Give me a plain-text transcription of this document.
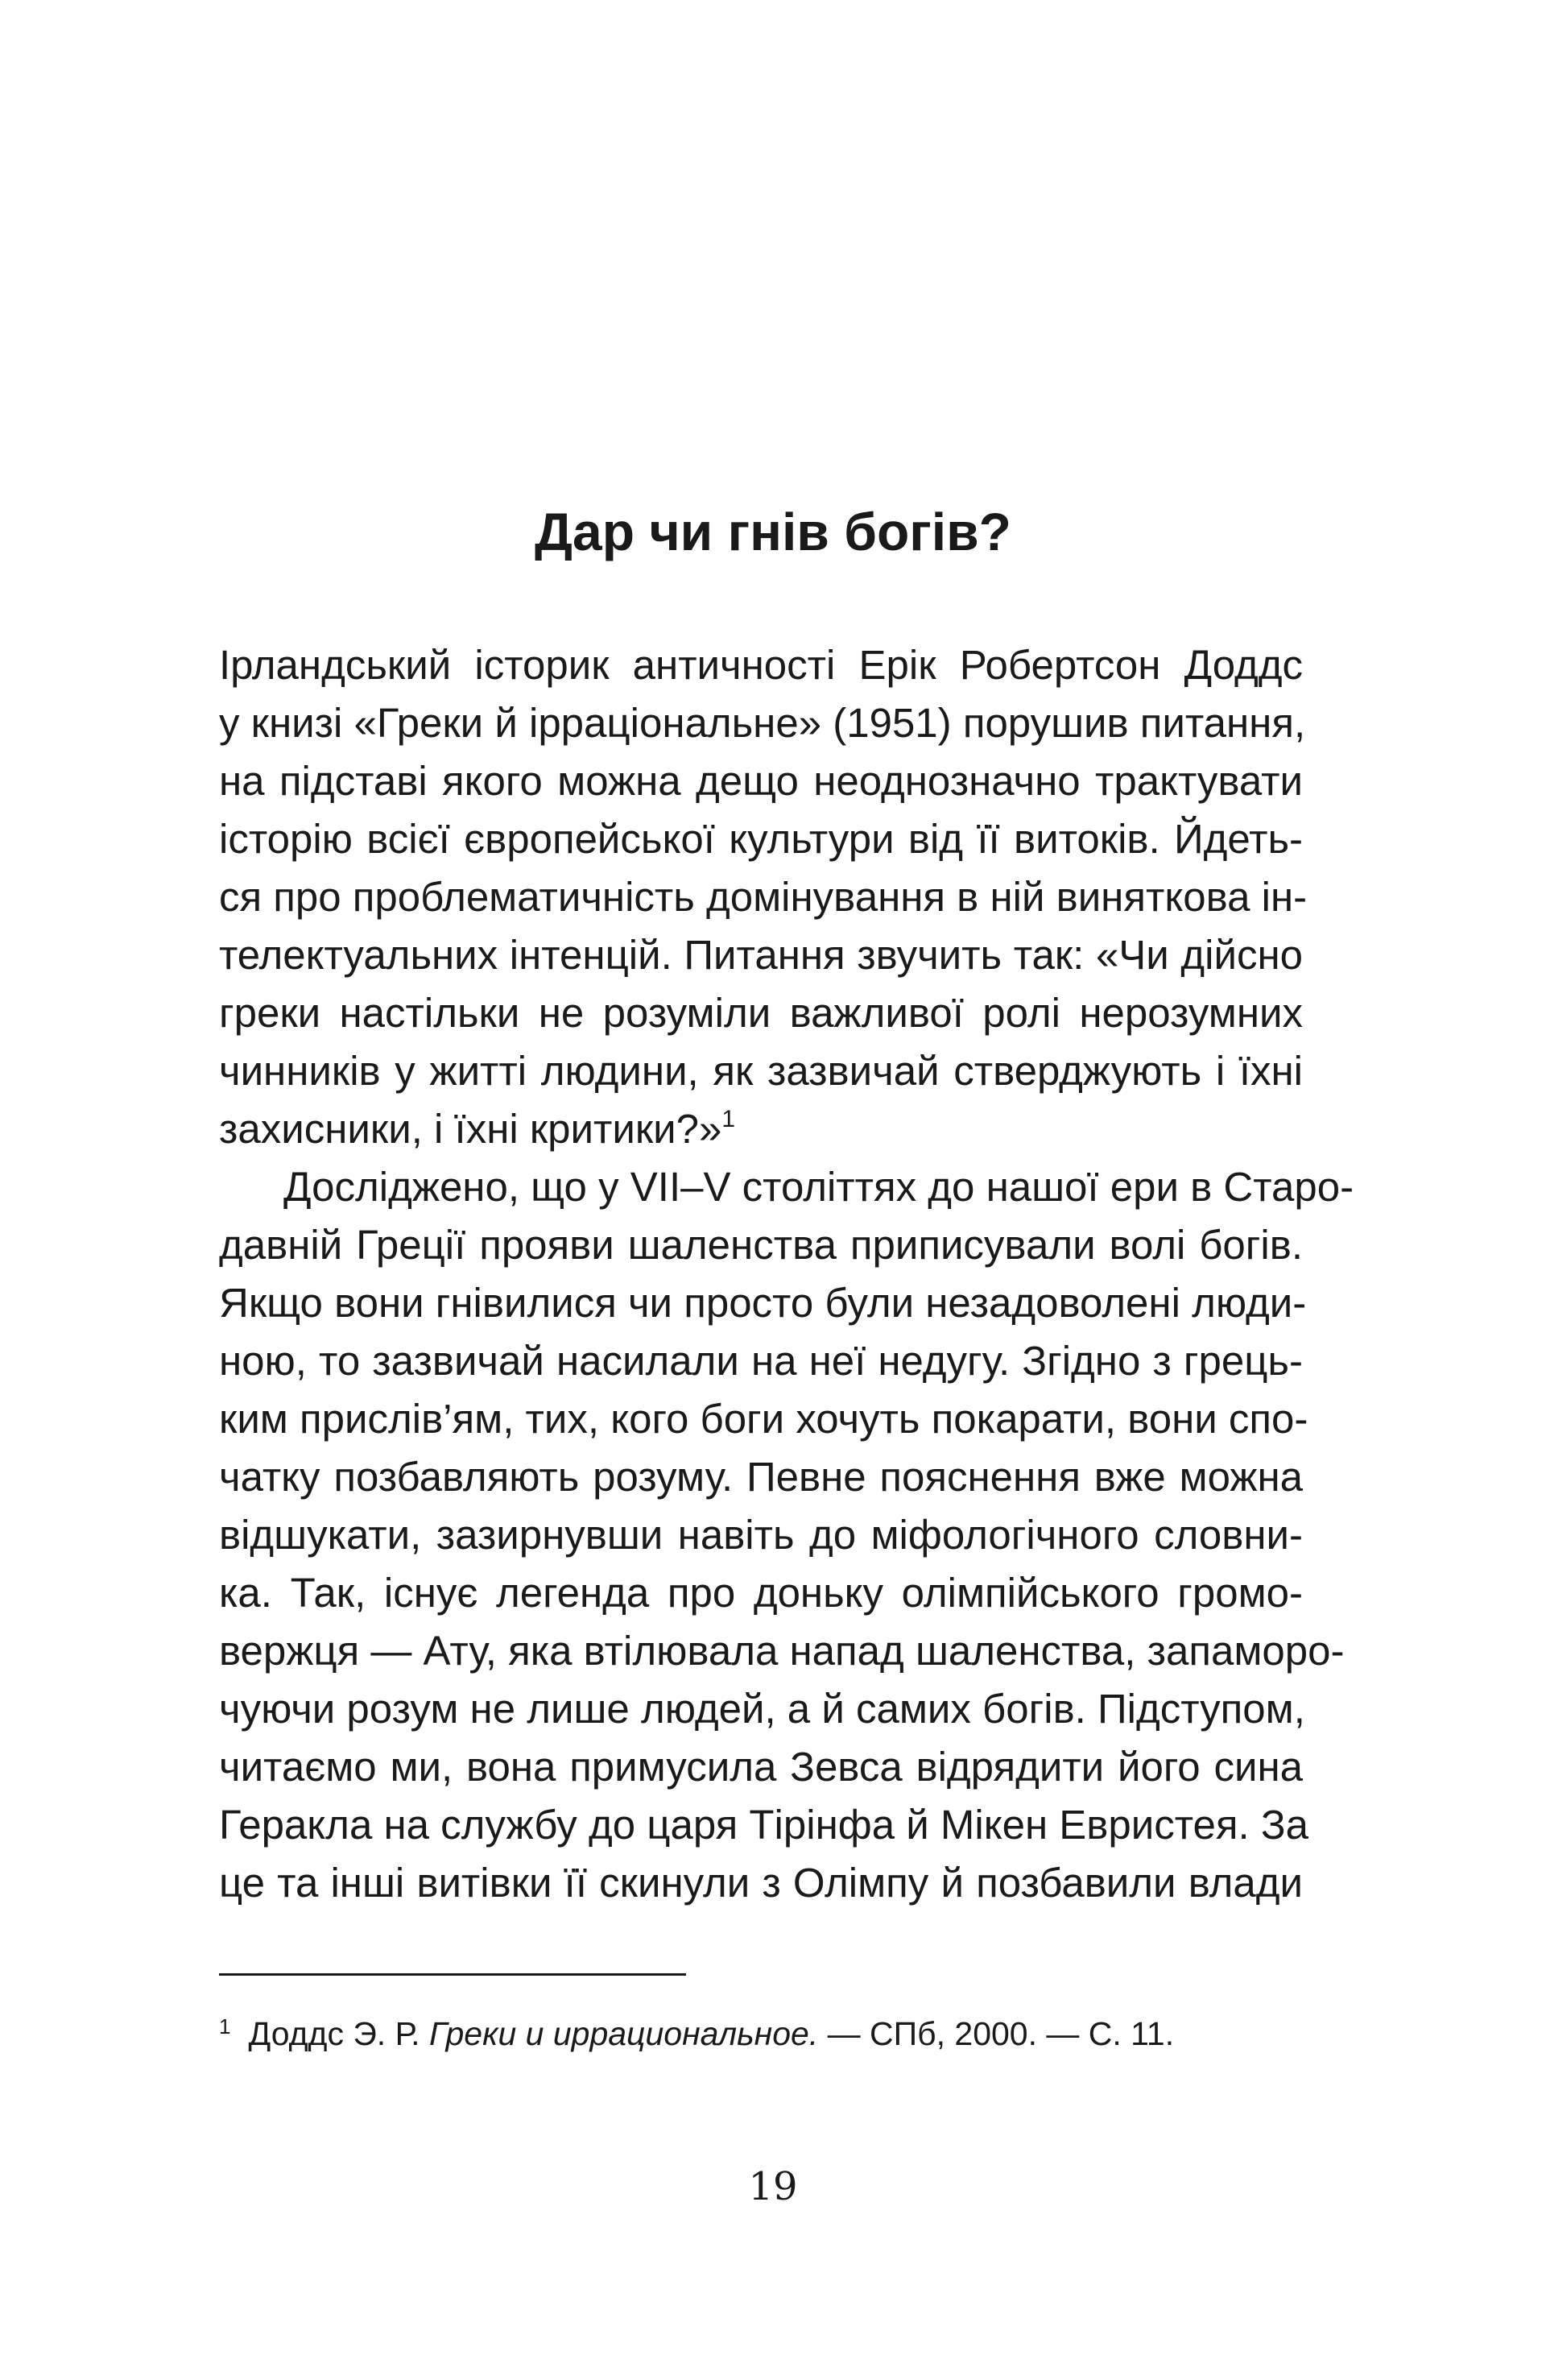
Дар чи гнів богів?
Ірландський історик античності Ерік Робертсон Доддс
у книзі «Греки й ірраціональне» (1951) порушив питання,
на підставі якого можна дещо неоднозначно трактувати
історію всієї європейської культури від її витоків. Йдеть-
ся про проблематичність домінування в ній виняткова ін-
телектуальних інтенцій. Питання звучить так: «Чи дійсно
греки настільки не розуміли важливої ролі нерозумних
чинників у житті людини, як зазвичай стверджують і їхні
захисники, і їхні критики?»$^1$
Досліджено, що у VII–V століттях до нашої ери в Старо-
давній Греції прояви шаленства приписували волі богів.
Якщо вони гнівилися чи просто були незадоволені люди-
ною, то зазвичай насилали на неї недугу. Згідно з грець-
ким прислів’ям, тих, кого боги хочуть покарати, вони спо-
чатку позбавляють розуму. Певне пояснення вже можна
відшукати, зазирнувши навіть до міфологічного словни-
ка. Так, існує легенда про доньку олімпійського громо-
вержця — Ату, яка втілювала напад шаленства, запаморо-
чуючи розум не лише людей, а й самих богів. Підступом,
читаємо ми, вона примусила Зевса відрядити його сина
Геракла на службу до царя Тірінфа й Мікен Евристея. За
це та інші витівки її скинули з Олімпу й позбавили влади
$^1$ Доддс Э. Р. Греки и иррациональное. — СПб, 2000. — С. 11.
19
